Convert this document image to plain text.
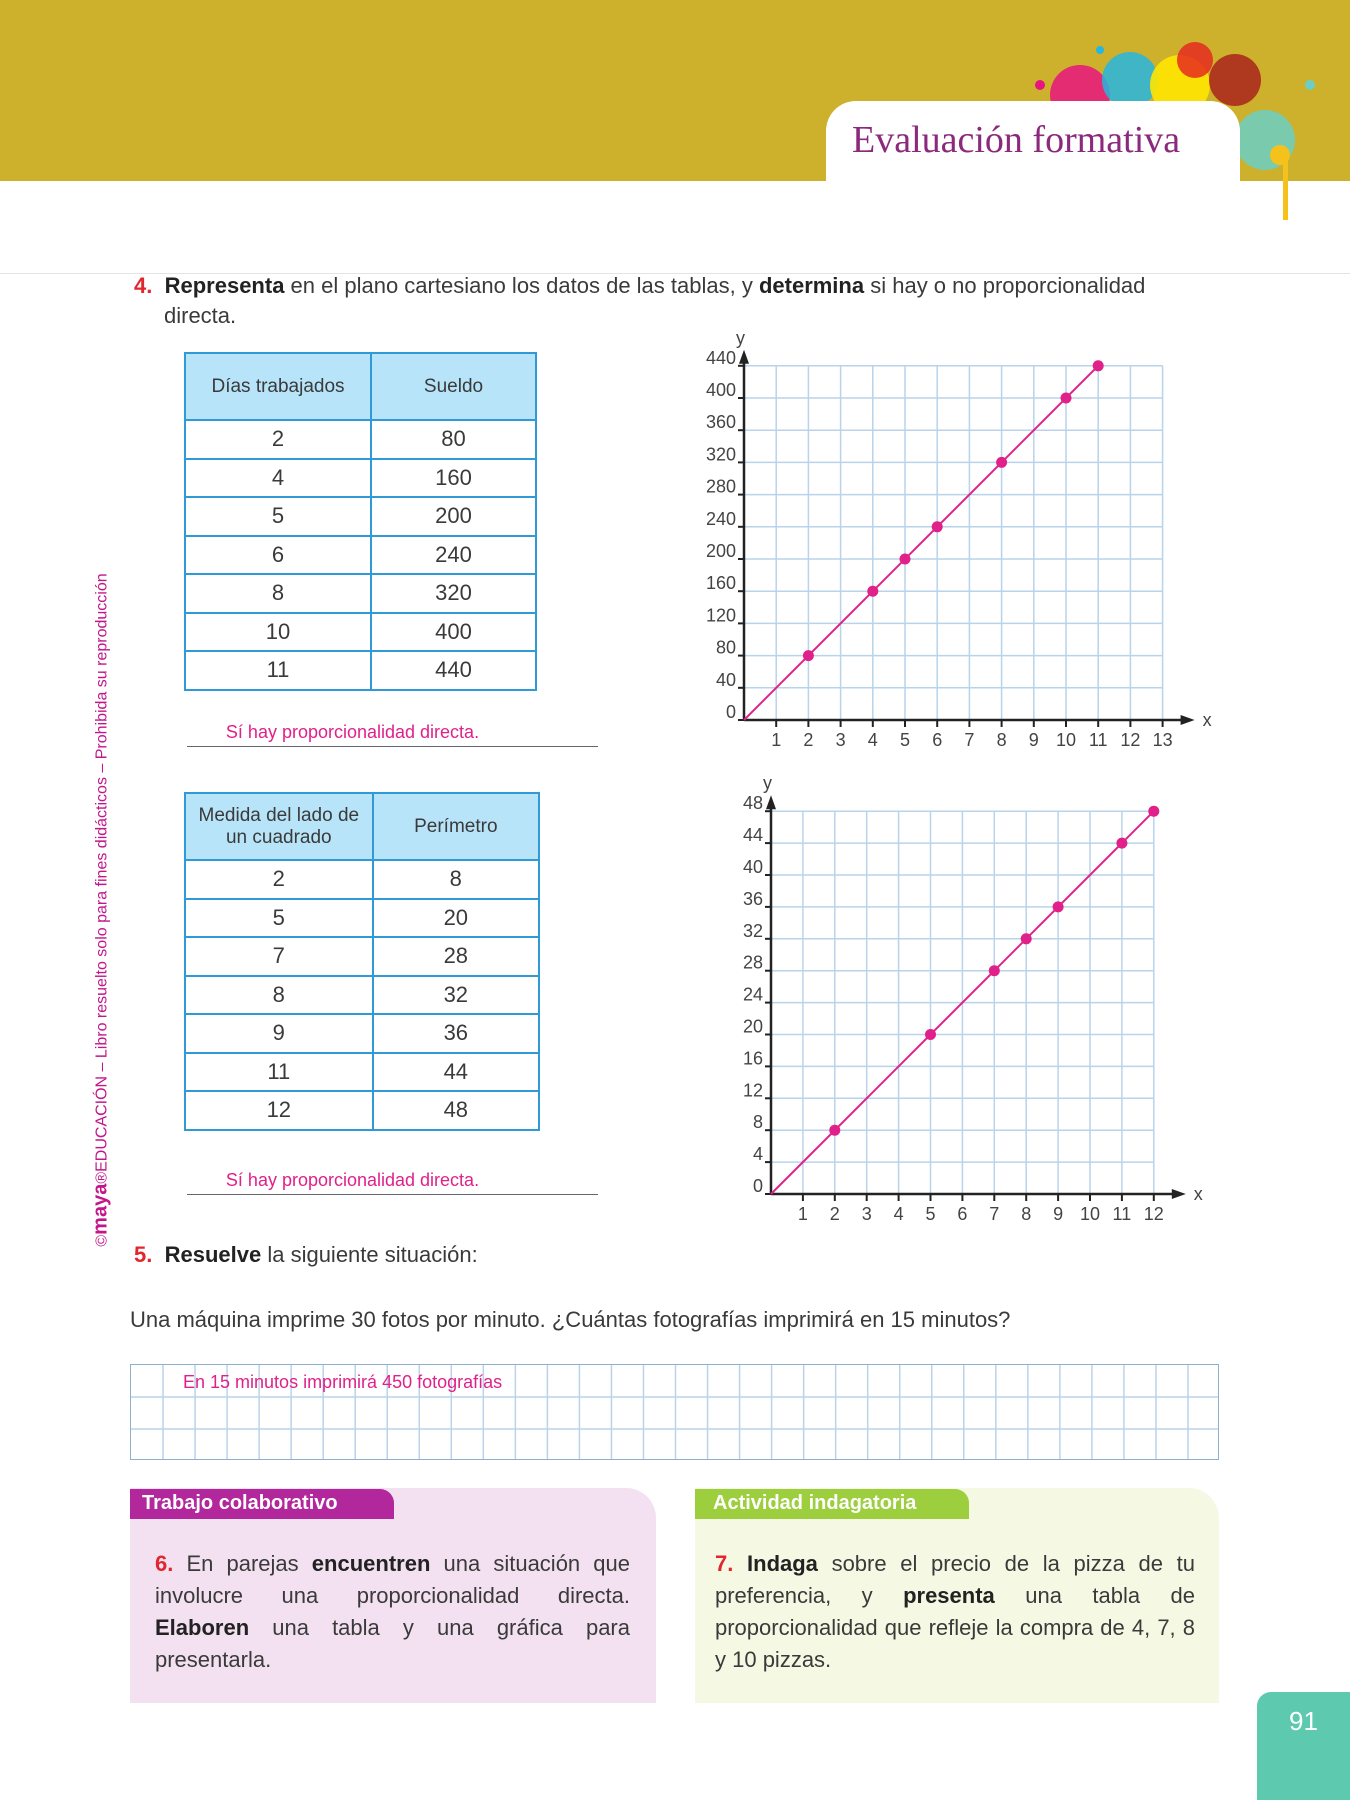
Evaluación formativa
©maya®EDUCACIÓN – Libro resuelto solo para fines didácticos – Prohibida su reproducción
4. Representa en el plano cartesiano los datos de las tablas, y determina si hay o no proporcionalidad
directa.
Días trabajados	Sueldo
2	80
4	160
5	200
6	240
8	320
10	400
11	440
Sí hay proporcionalidad directa.
Medida del lado de un cuadrado	Perímetro
2	8
5	20
7	28
8	32
9	36
11	44
12	48
Sí hay proporcionalidad directa.
x
y
1 2 3 4 5 6 7 8 9 10 11 12 13
0
40
80
120
160
200
240
280
320
360
400
440
x
y
1 2 3 4 5 6 7 8 9 10 11 12
0
4
8
12
16
20
24
28
32
36
40
44
48
5. Resuelve la siguiente situación:
Una máquina imprime 30 fotos por minuto. ¿Cuántas fotografías imprimirá en 15 minutos?
En 15 minutos imprimirá 450 fotografías
6. En parejas encuentren una situación que involucre una proporcionalidad directa. Elaboren una tabla y una gráfica para presentarla.
Trabajo colaborativo
7. Indaga sobre el precio de la pizza de tu preferencia, y presenta una tabla de proporcionalidad que refleje la compra de 4, 7, 8 y 10 pizzas.
Actividad indagatoria
91
